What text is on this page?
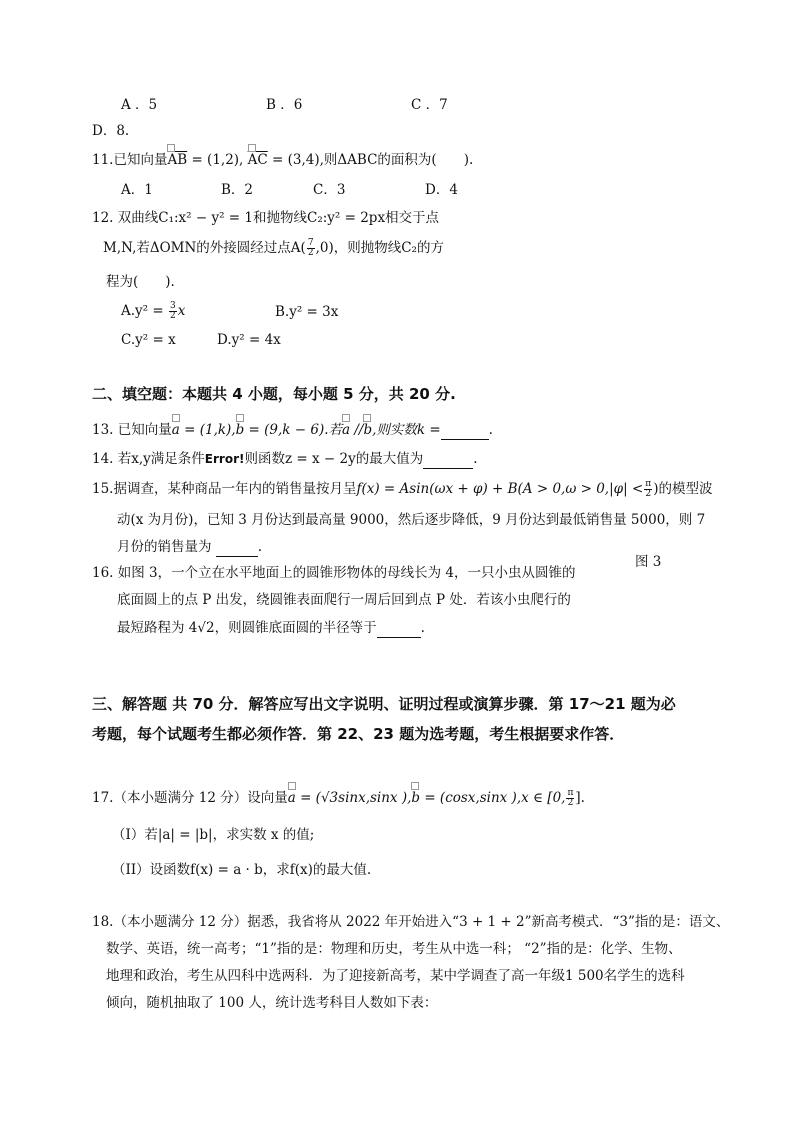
A ．5	B ．6	C ．7
D．8.
11.已知向量$\overline{AB} = (1,2)$, $\overline{AC} = (3,4)$,则ΔABC的面积为(　　).
A．1	B．2	C．3	D．4
12. 双曲线C₁:x² − y² = 1和抛物线C₂:y² = 2px相交于点
M,N,若ΔOMN的外接圆经过点$A( \frac{7}{2} ,0)$，则抛物线C₂的方
程为(　　).
$A.y^2 = \frac{3}{2}$ x	B.y² = 3x
C.y² = x	D.y² = 4x
二、填空题：本题共 4 小题，每小题 5 分，共 20 分.
13. 已知向量a = (1,k),b = (9,k − 6).若a //b,则实数k =	.
14. 若x,y满足条件Error!则函数z = x − 2y的最大值为	.
15.据调查，某种商品一年内的销售量按月呈$f(x) = Asin(\omega x + \varphi) + B(A > 0,\omega > 0,|\varphi| < \frac{\pi}{2}$ )的模型波
动(x 为月份)，已知 3 月份达到最高量 9000，然后逐步降低，9 月份达到最低销售量 5000，则 7
月份的销售量为	.
16. 如图 3，一个立在水平地面上的圆锥形物体的母线长为 4，一只小虫从圆锥的
图 3
底面圆上的点 P 出发，绕圆锥表面爬行一周后回到点 P 处．若该小虫爬行的
最短路程为 4√2，则圆锥底面圆的半径等于	.
三、解答题 共 70 分．解答应写出文字说明、证明过程或演算步骤．第 17～21 题为必
考题，每个试题考生都必须作答．第 22、23 题为选考题，考生根据要求作答．
17.（本小题满分 12 分）设向量a = (√3sinx,sinx ),b = (cosx,sinx ),x ∈ [0, $\frac{\pi}{2}$ ].
（Ⅰ）若|a| = |b|，求实数 x 的值;
（II）设函数f(x) = a · b，求f(x)的最大值.
18.（本小题满分 12 分）据悉，我省将从 2022 年开始进入“3 + 1 + 2”新高考模式．“3”指的是：语文、
数学、英语，统一高考；“1”指的是：物理和历史，考生从中选一科； “2”指的是：化学、生物、
地理和政治，考生从四科中选两科．为了迎接新高考，某中学调查了高一年级1 500名学生的选科
倾向，随机抽取了 100 人，统计选考科目人数如下表：
